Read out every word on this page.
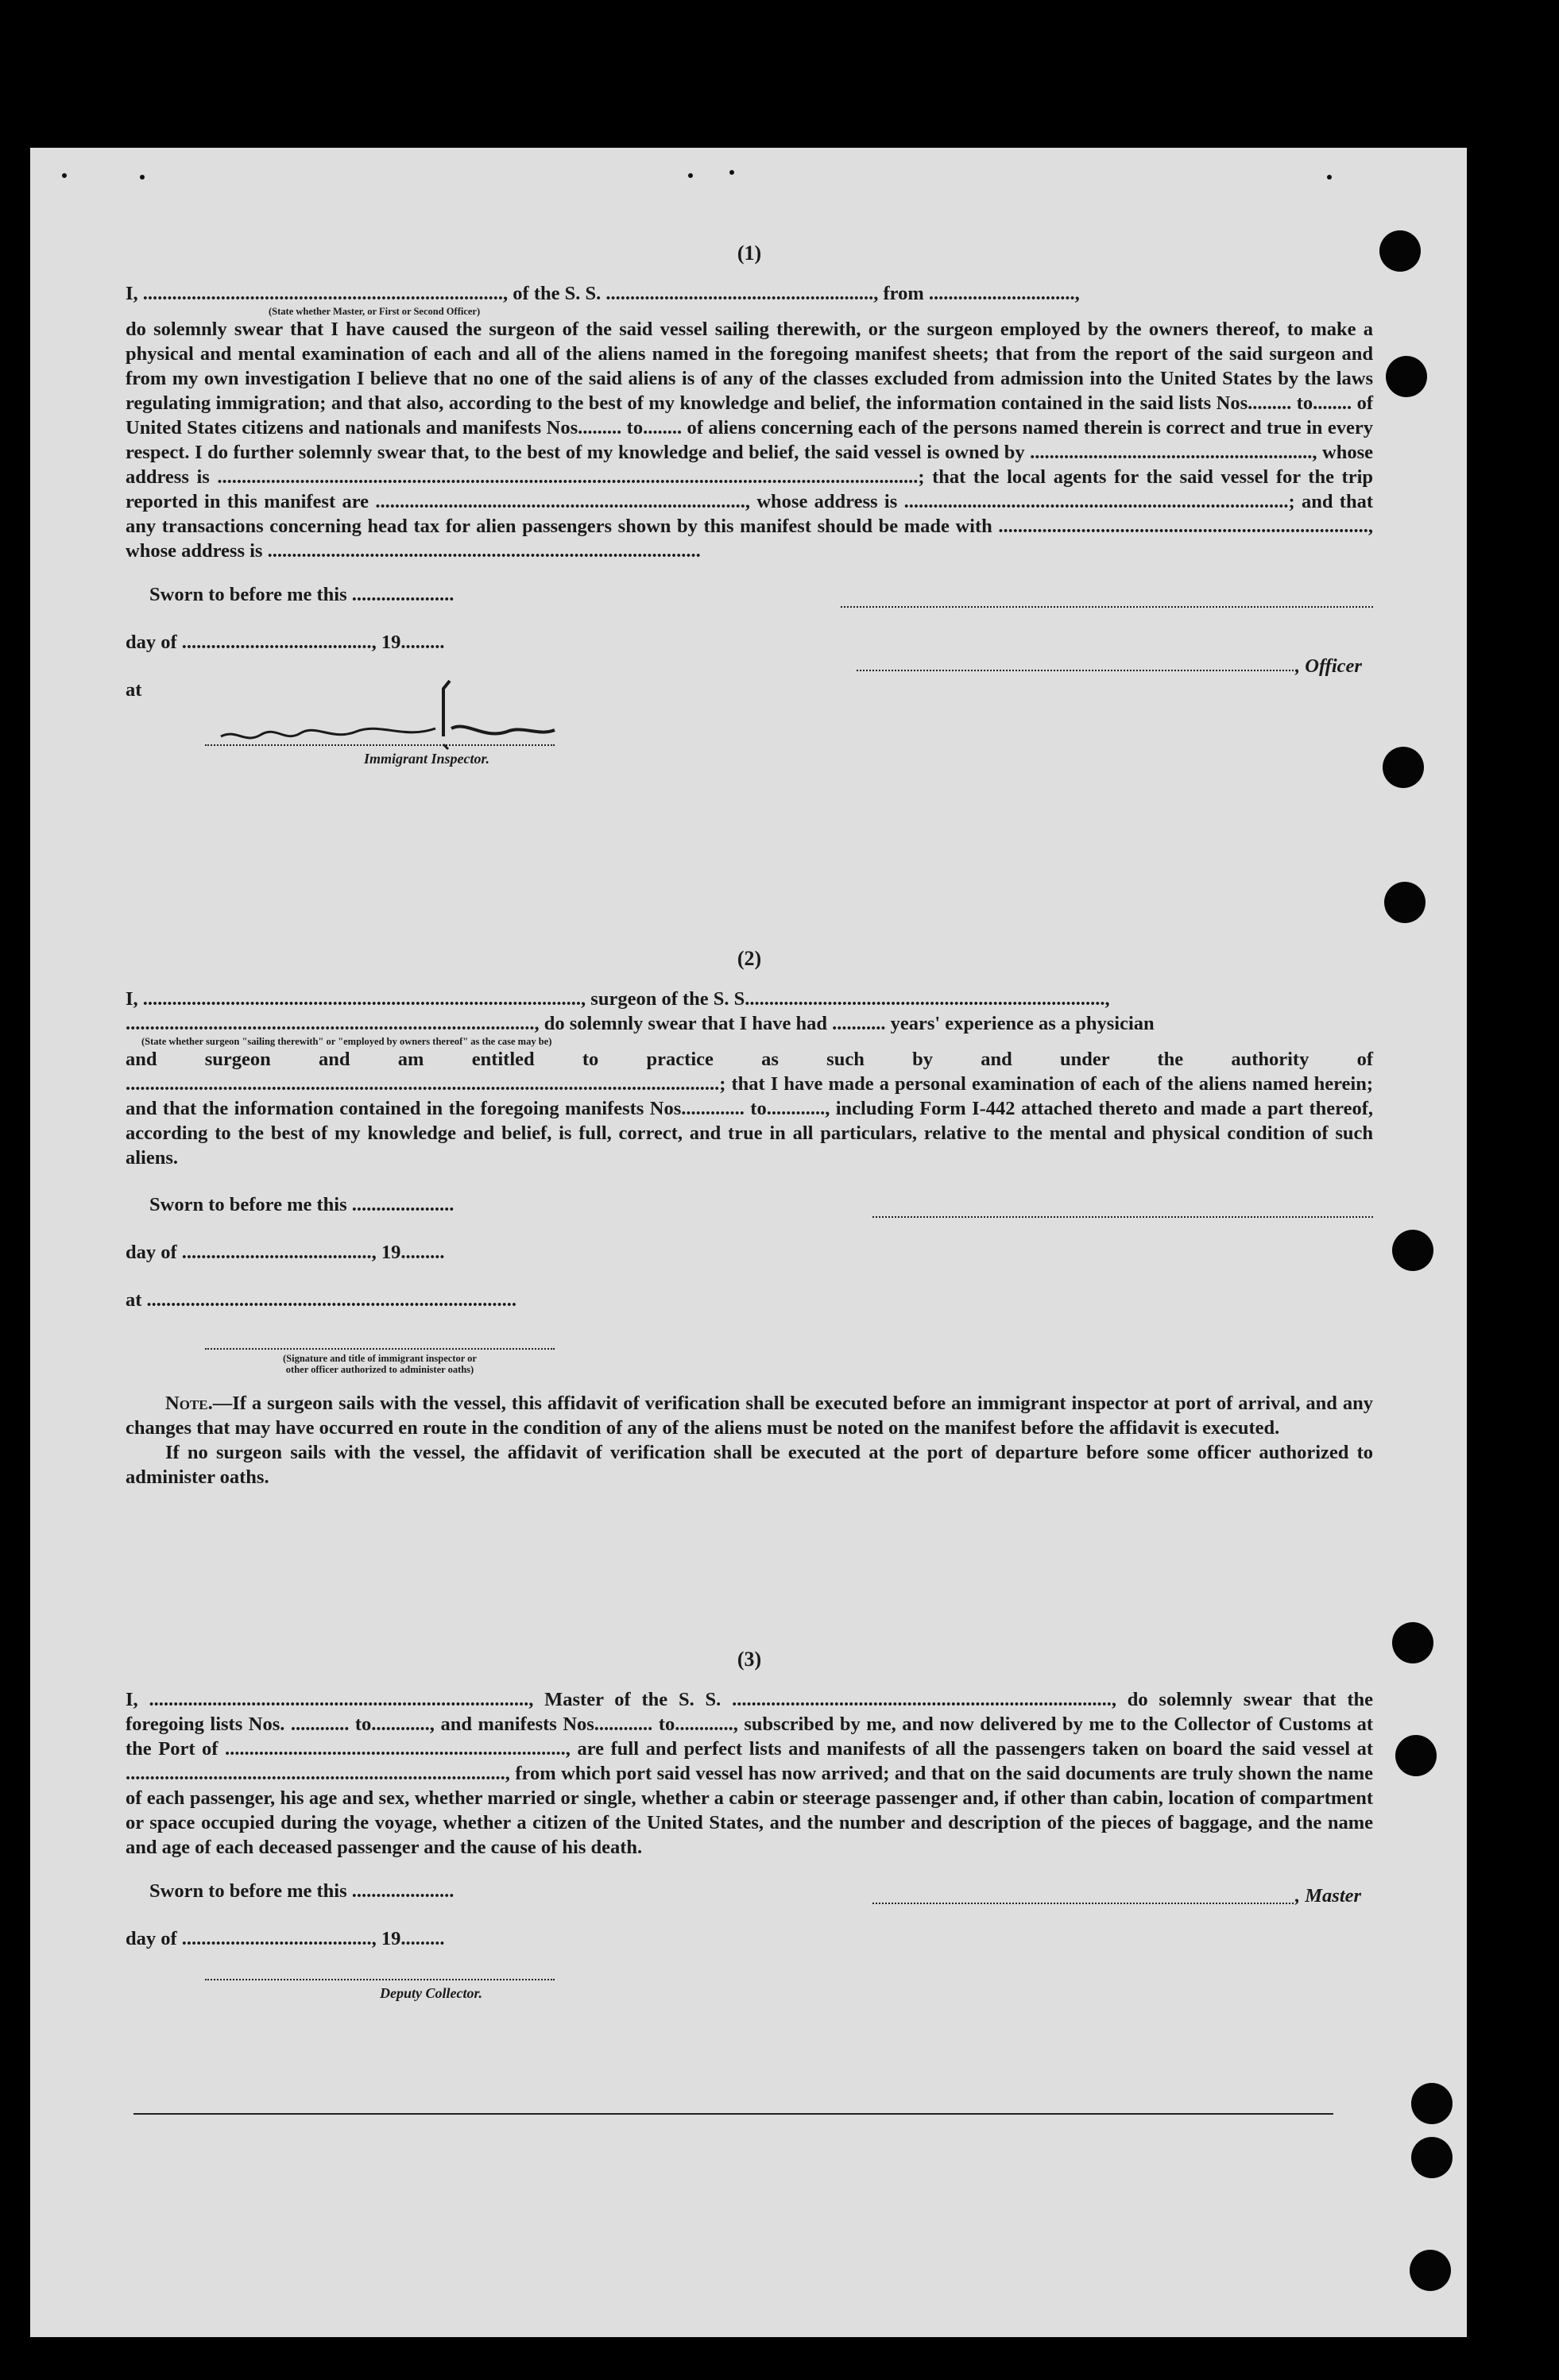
(1)
I, .........................................................................., of the S. S. ......................................................., from ..............................,
(State whether Master, or First or Second Officer)
do solemnly swear that I have caused the surgeon of the said vessel sailing therewith, or the surgeon employed by the owners thereof, to make a physical and mental examination of each and all of the aliens named in the foregoing manifest sheets; that from the report of the said surgeon and from my own investigation I believe that no one of the said aliens is of any of the classes excluded from admission into the United States by the laws regulating immigration; and that also, according to the best of my knowledge and belief, the information contained in the said lists Nos......... to........ of United States citizens and nationals and manifests Nos......... to........ of aliens concerning each of the persons named therein is correct and true in every respect. I do further solemnly swear that, to the best of my knowledge and belief, the said vessel is owned by .........................................................., whose address is ................................................................................................................................................; that the local agents for the said vessel for the trip reported in this manifest are ............................................................................, whose address is ...............................................................................; and that any transactions concerning head tax for alien passengers shown by this manifest should be made with ............................................................................, whose address is .........................................................................................
Sworn to before me this .....................
day of ......................................., 19.........
at
, Officer
Immigrant Inspector.
(2)
I, .........................................................................................., surgeon of the S. S..........................................................................,
...................................................................................., do solemnly swear that I have had ........... years' experience as a physician
(State whether surgeon "sailing therewith" or "employed by owners thereof" as the case may be)
and surgeon and am entitled to practice as such by and under the authority of ..........................................................................................................................; that I have made a personal examination of each of the aliens named herein; and that the information contained in the foregoing manifests Nos............. to............, including Form I-442 attached thereto and made a part thereof, according to the best of my knowledge and belief, is full, correct, and true in all particulars, relative to the mental and physical condition of such aliens.
Sworn to before me this .....................
day of ......................................., 19.........
at ............................................................................
(Signature and title of immigrant inspector or
other officer authorized to administer oaths)
Note.—If a surgeon sails with the vessel, this affidavit of verification shall be executed before an immigrant inspector at port of arrival, and any changes that may have occurred en route in the condition of any of the aliens must be noted on the manifest before the affidavit is executed.
If no surgeon sails with the vessel, the affidavit of verification shall be executed at the port of departure before some officer authorized to administer oaths.
(3)
I, .............................................................................., Master of the S. S. .............................................................................., do solemnly swear that the foregoing lists Nos. ............ to............, and manifests Nos............ to............, subscribed by me, and now delivered by me to the Collector of Customs at the Port of ......................................................................, are full and perfect lists and manifests of all the passengers taken on board the said vessel at .............................................................................., from which port said vessel has now arrived; and that on the said documents are truly shown the name of each passenger, his age and sex, whether married or single, whether a cabin or steerage passenger and, if other than cabin, location of compartment or space occupied during the voyage, whether a citizen of the United States, and the number and description of the pieces of baggage, and the name and age of each deceased passenger and the cause of his death.
Sworn to before me this .....................	, Master
day of ......................................., 19.........
Deputy Collector.
